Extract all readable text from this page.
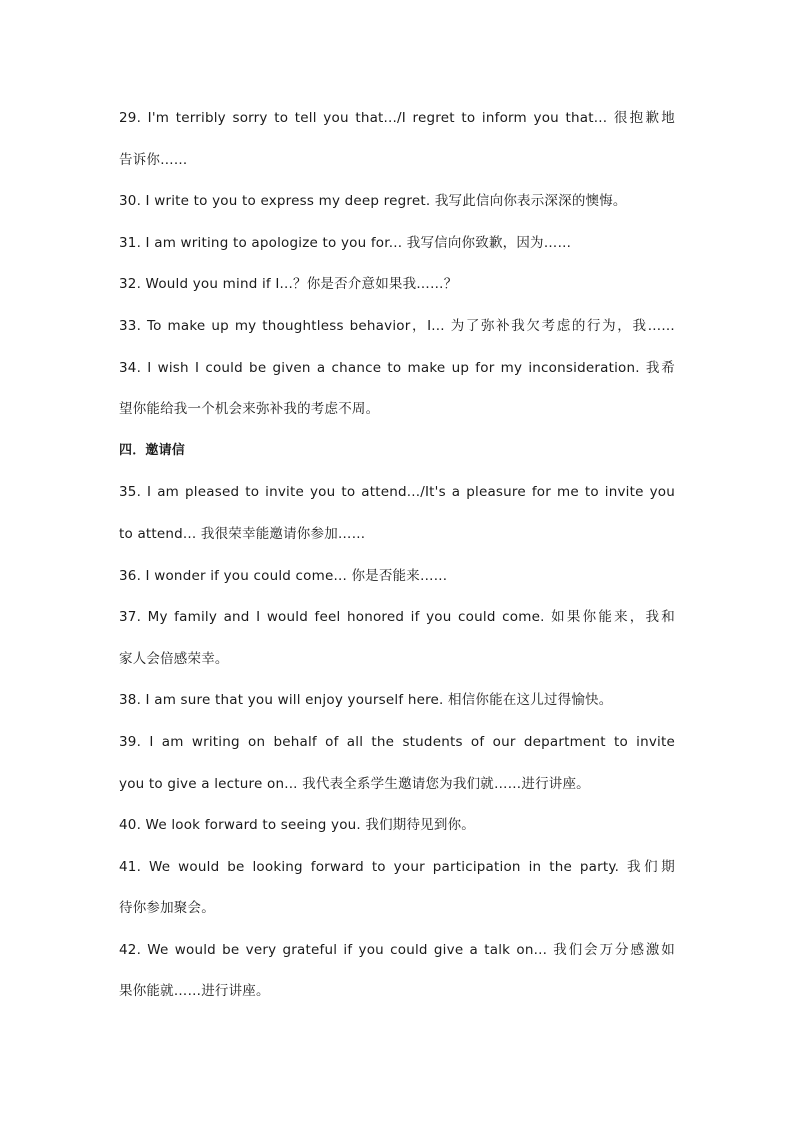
29. I'm terribly sorry to tell you that.../I regret to inform you that... 很抱歉地
告诉你……
30. I write to you to express my deep regret. 我写此信向你表示深深的懊悔。
31. I am writing to apologize to you for... 我写信向你致歉，因为……
32. Would you mind if I...？你是否介意如果我……？
33. To make up my thoughtless behavior，I... 为了弥补我欠考虑的行为，我……
34. I wish I could be given a chance to make up for my inconsideration. 我希
望你能给我一个机会来弥补我的考虑不周。
四．邀请信
35. I am pleased to invite you to attend.../It's a pleasure for me to invite you
to attend... 我很荣幸能邀请你参加……
36. I wonder if you could come... 你是否能来……
37. My family and I would feel honored if you could come. 如果你能来，我和
家人会倍感荣幸。
38. I am sure that you will enjoy yourself here. 相信你能在这儿过得愉快。
39. I am writing on behalf of all the students of our department to invite
you to give a lecture on... 我代表全系学生邀请您为我们就……进行讲座。
40. We look forward to seeing you. 我们期待见到你。
41. We would be looking forward to your participation in the party. 我们期
待你参加聚会。
42. We would be very grateful if you could give a talk on... 我们会万分感激如
果你能就……进行讲座。
